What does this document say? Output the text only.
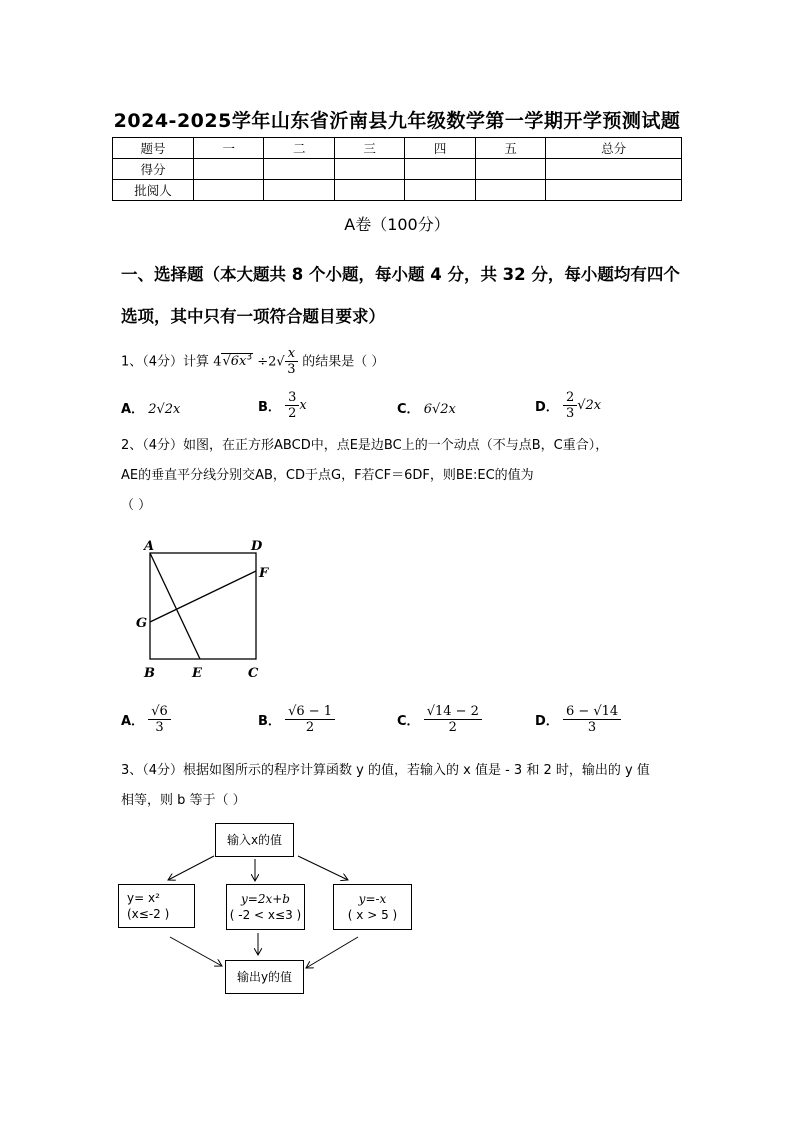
2024-2025学年山东省沂南县九年级数学第一学期开学预测试题
题号	一	二	三	四	五	总分
得分						
批阅人						
A卷（100分）
一、选择题（本大题共 8 个小题，每小题 4 分，共 32 分，每小题均有四个选项，其中只有一项符合题目要求）
1、（4分）计算 $4√6x^3 \div 2√ \frac{x}{3}$ 的结果是（ ）
A． 2√2x	B． $\frac{3}{2}$ x	C． 6√2x	D． $\frac{2}{3} √2x$
2、（4分）如图，在正方形ABCD中，点E是边BC上的一个动点（不与点B，C重合），
AE的垂直平分线分别交AB，CD于点G，F若CF＝6DF，则BE:EC的值为
（ ）
A	D
F
G
B	E	C
A． $\frac{√6}{3}$	B． $\frac{√6 - 1}{2}$	C． $\frac{√14 - 2}{2}$	D． $\frac{6 - √14}{3}$
3、（4分）根据如图所示的程序计算函数 y 的值，若输入的 x 值是 - 3 和 2 时，输出的 y 值
相等，则 b 等于（ ）
输入x的值
y= x²
(x≤-2 )
y=2x+b
( -2 < x≤3 )
y=-x
( x > 5 )
输出y的值
